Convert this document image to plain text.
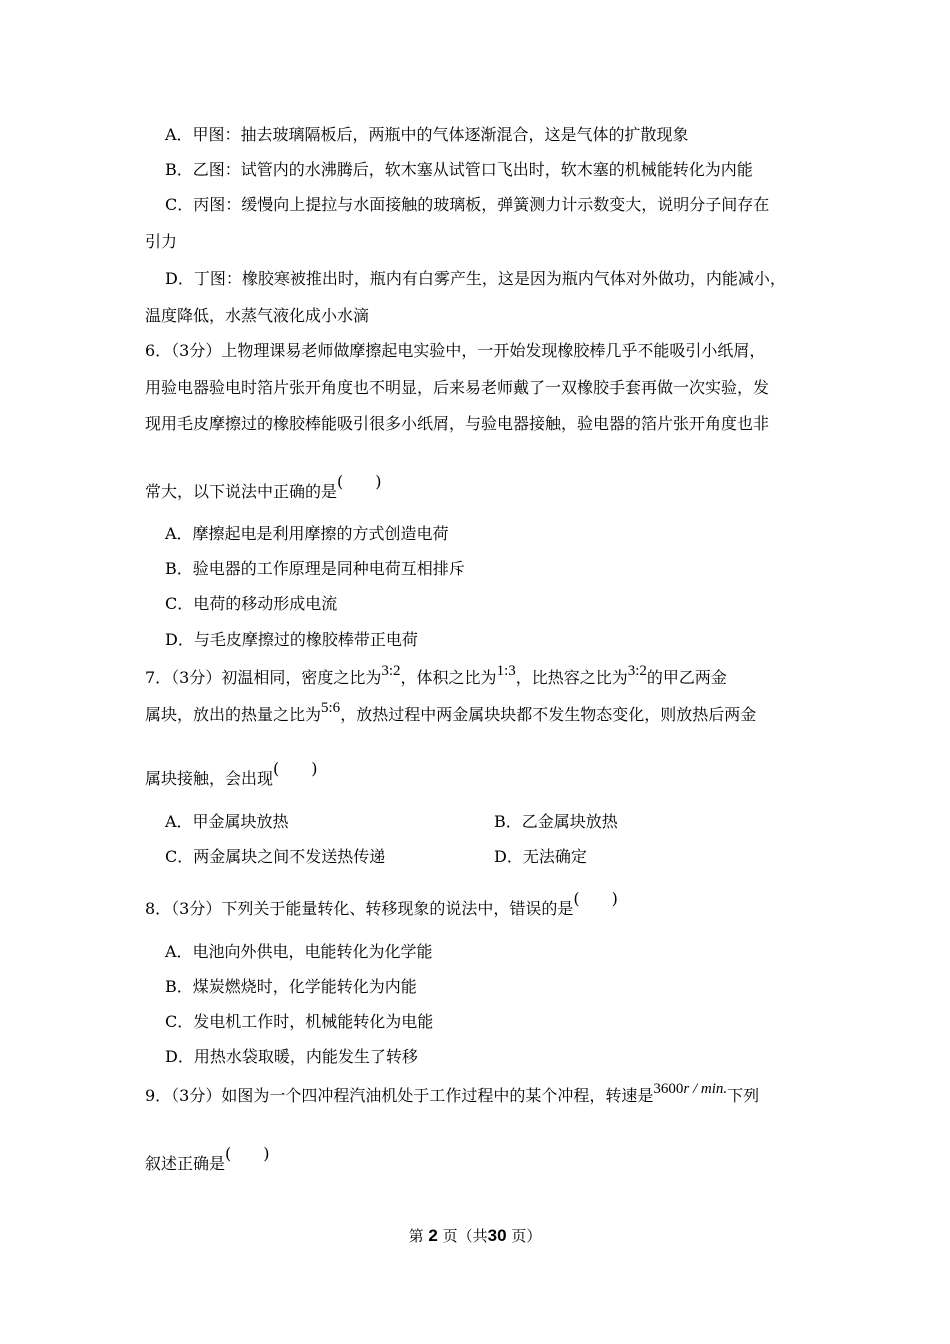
A．甲图：抽去玻璃隔板后，两瓶中的气体逐渐混合，这是气体的扩散现象
B．乙图：试管内的水沸腾后，软木塞从试管口飞出时，软木塞的机械能转化为内能
C．丙图：缓慢向上提拉与水面接触的玻璃板，弹簧测力计示数变大，说明分子间存在
引力
D．丁图：橡胶寒被推出时，瓶内有白雾产生，这是因为瓶内气体对外做功，内能减小，
温度降低，水蒸气液化成小水滴
6．（3分）上物理课易老师做摩擦起电实验中，一开始发现橡胶棒几乎不能吸引小纸屑，
用验电器验电时箔片张开角度也不明显，后来易老师戴了一双橡胶手套再做一次实验，发
现用毛皮摩擦过的橡胶棒能吸引很多小纸屑，与验电器接触，验电器的箔片张开角度也非
常大，以下说法中正确的是(　　)
A．摩擦起电是利用摩擦的方式创造电荷
B．验电器的工作原理是同种电荷互相排斥
C．电荷的移动形成电流
D．与毛皮摩擦过的橡胶棒带正电荷
7．（3分）初温相同，密度之比为3:2，体积之比为1:3，比热容之比为3:2的甲乙两金
属块，放出的热量之比为5:6，放热过程中两金属块块都不发生物态变化，则放热后两金
属块接触，会出现(　　)
A．甲金属块放热	B．乙金属块放热
C．两金属块之间不发送热传递	D．无法确定
8．（3分）下列关于能量转化、转移现象的说法中，错误的是(　　)
A．电池向外供电，电能转化为化学能
B．煤炭燃烧时，化学能转化为内能
C．发电机工作时，机械能转化为电能
D．用热水袋取暖，内能发生了转移
9．（3分）如图为一个四冲程汽油机处于工作过程中的某个冲程，转速是3600r / min.下列
叙述正确是(　　)
第 2 页（共30 页）
